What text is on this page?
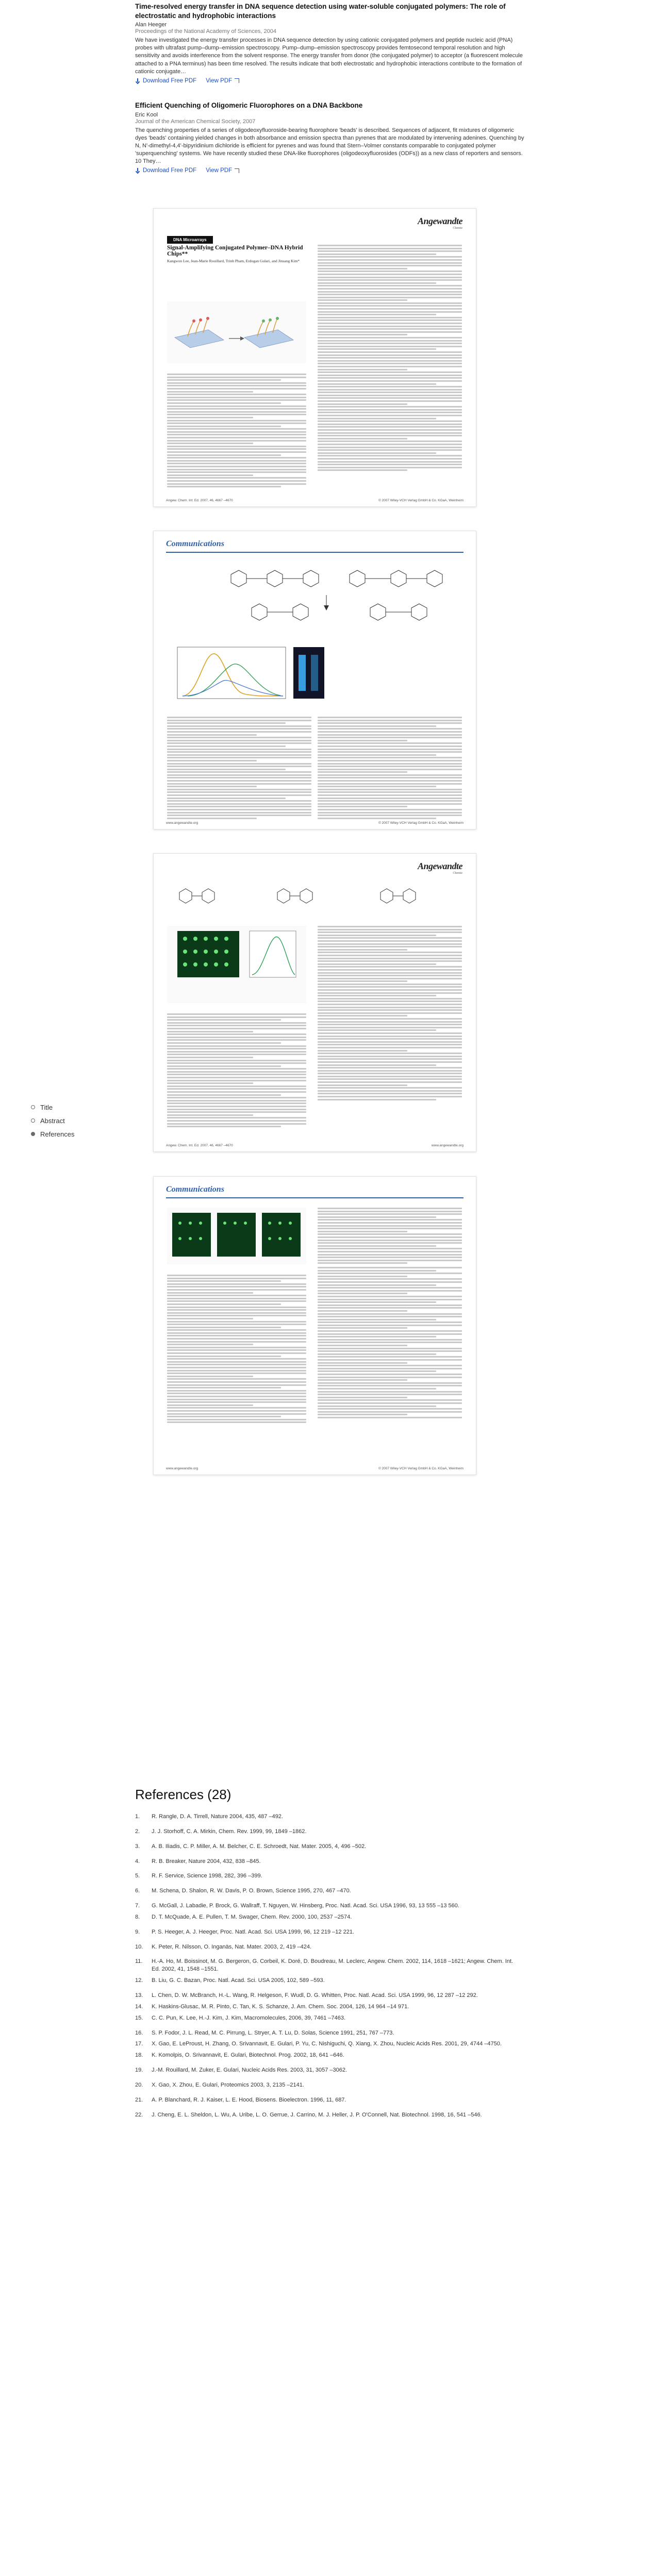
Title
Abstract
References
Time-resolved energy transfer in DNA sequence detection using water-soluble conjugated polymers: The role of electrostatic and hydrophobic interactions
Alan Heeger
Proceedings of the National Academy of Sciences, 2004
We have investigated the energy transfer processes in DNA sequence detection by using cationic conjugated polymers and peptide nucleic acid (PNA) probes with ultrafast pump–dump–emission spectroscopy. Pump–dump–emission spectroscopy provides femtosecond temporal resolution and high sensitivity and avoids interference from the solvent response. The energy transfer from donor (the conjugated polymer) to acceptor (a fluorescent molecule attached to a PNA terminus) has been time resolved. The results indicate that both electrostatic and hydrophobic interactions contribute to the formation of cationic conjugate…
Download Free PDF View PDF
Efficient Quenching of Oligomeric Fluorophores on a DNA Backbone
Eric Kool
Journal of the American Chemical Society, 2007
The quenching properties of a series of oligodeoxyfluoroside-bearing fluorophore 'beads' is described. Sequences of adjacent, fit mixtures of oligomeric dyes 'beads' containing yielded changes in both absorbance and emission spectra than pyrenes that are modulated by intervening adenines. Quenching by N, N'-dimethyl-4,4'-bipyridinium dichloride is efficient for pyrenes and was found that Stern–Volmer constants comparable to conjugated polymer 'superquenching' systems. We have recently studied these DNA-like fluorophores (oligodeoxyfluorosides (ODFs)) as a new class of reporters and sensors. 10 They…
Download Free PDF View PDF
Angewandte
Chemie
DNA Microarrays
Signal-Amplifying Conjugated Polymer–DNA Hybrid Chips**
Kangwon Lee, Jean-Marie Rouillard, Trinh Pham, Erdogan Gulari, and Jinsang Kim*
Angew. Chem. Int. Ed. 2007, 46, 4667 –4670	© 2007 Wiley-VCH Verlag GmbH & Co. KGaA, Weinheim
Communications
www.angewandte.org	© 2007 Wiley-VCH Verlag GmbH & Co. KGaA, Weinheim
Angewandte
Chemie
Angew. Chem. Int. Ed. 2007, 46, 4667 –4670	www.angewandte.org
Communications
www.angewandte.org	© 2007 Wiley-VCH Verlag GmbH & Co. KGaA, Weinheim
References (28)
1.	R. Rangle, D. A. Tirrell, Nature 2004, 435, 487 –492.
2.	J. J. Storhoff, C. A. Mirkin, Chem. Rev. 1999, 99, 1849 –1862.
3.	A. B. Iliadis, C. P. Miller, A. M. Belcher, C. E. Schroedt, Nat. Mater. 2005, 4, 496 –502.
4.	R. B. Breaker, Nature 2004, 432, 838 –845.
5.	R. F. Service, Science 1998, 282, 396 –399.
6.	M. Schena, D. Shalon, R. W. Davis, P. O. Brown, Science 1995, 270, 467 –470.
7.	G. McGall, J. Labadie, P. Brock, G. Wallraff, T. Nguyen, W. Hinsberg, Proc. Natl. Acad. Sci. USA 1996, 93, 13 555 –13 560.
8.	D. T. McQuade, A. E. Pullen, T. M. Swager, Chem. Rev. 2000, 100, 2537 –2574.
9.	P. S. Heeger, A. J. Heeger, Proc. Natl. Acad. Sci. USA 1999, 96, 12 219 –12 221.
10. K. Peter, R. Nilsson, O. Inganäs, Nat. Mater. 2003, 2, 419 –424.
11.	H.-A. Ho, M. Boissinot, M. G. Bergeron, G. Corbeil, K. Doré, D. Boudreau, M. Leclerc, Angew. Chem. 2002, 114, 1618 –1621; Angew. Chem. Int. Ed. 2002, 41, 1548 –1551.
12. B. Liu, G. C. Bazan, Proc. Natl. Acad. Sci. USA 2005, 102, 589 –593.
13. L. Chen, D. W. McBranch, H.-L. Wang, R. Helgeson, F. Wudl, D. G. Whitten, Proc. Natl. Acad. Sci. USA 1999, 96, 12 287 –12 292.
14. K. Haskins-Glusac, M. R. Pinto, C. Tan, K. S. Schanze, J. Am. Chem. Soc. 2004, 126, 14 964 –14 971.
15. C. C. Pun, K. Lee, H.-J. Kim, J. Kim, Macromolecules, 2006, 39, 7461 –7463.
16. S. P. Fodor, J. L. Read, M. C. Pirrung, L. Stryer, A. T. Lu, D. Solas, Science 1991, 251, 767 –773.
17. X. Gao, E. LeProust, H. Zhang, O. Srivannavit, E. Gulari, P. Yu, C. Nishiguchi, Q. Xiang, X. Zhou, Nucleic Acids Res. 2001, 29, 4744 –4750.
18. K. Komolpis, O. Srivannavit, E. Gulari, Biotechnol. Prog. 2002, 18, 641 –646.
19. J.-M. Rouillard, M. Zuker, E. Gulari, Nucleic Acids Res. 2003, 31, 3057 –3062.
20. X. Gao, X. Zhou, E. Gulari, Proteomics 2003, 3, 2135 –2141.
21. A. P. Blanchard, R. J. Kaiser, L. E. Hood, Biosens. Bioelectron. 1996, 11, 687.
22. J. Cheng, E. L. Sheldon, L. Wu, A. Uribe, L. O. Gerrue, J. Carrino, M. J. Heller, J. P. O'Connell, Nat. Biotechnol. 1998, 16, 541 –546.
